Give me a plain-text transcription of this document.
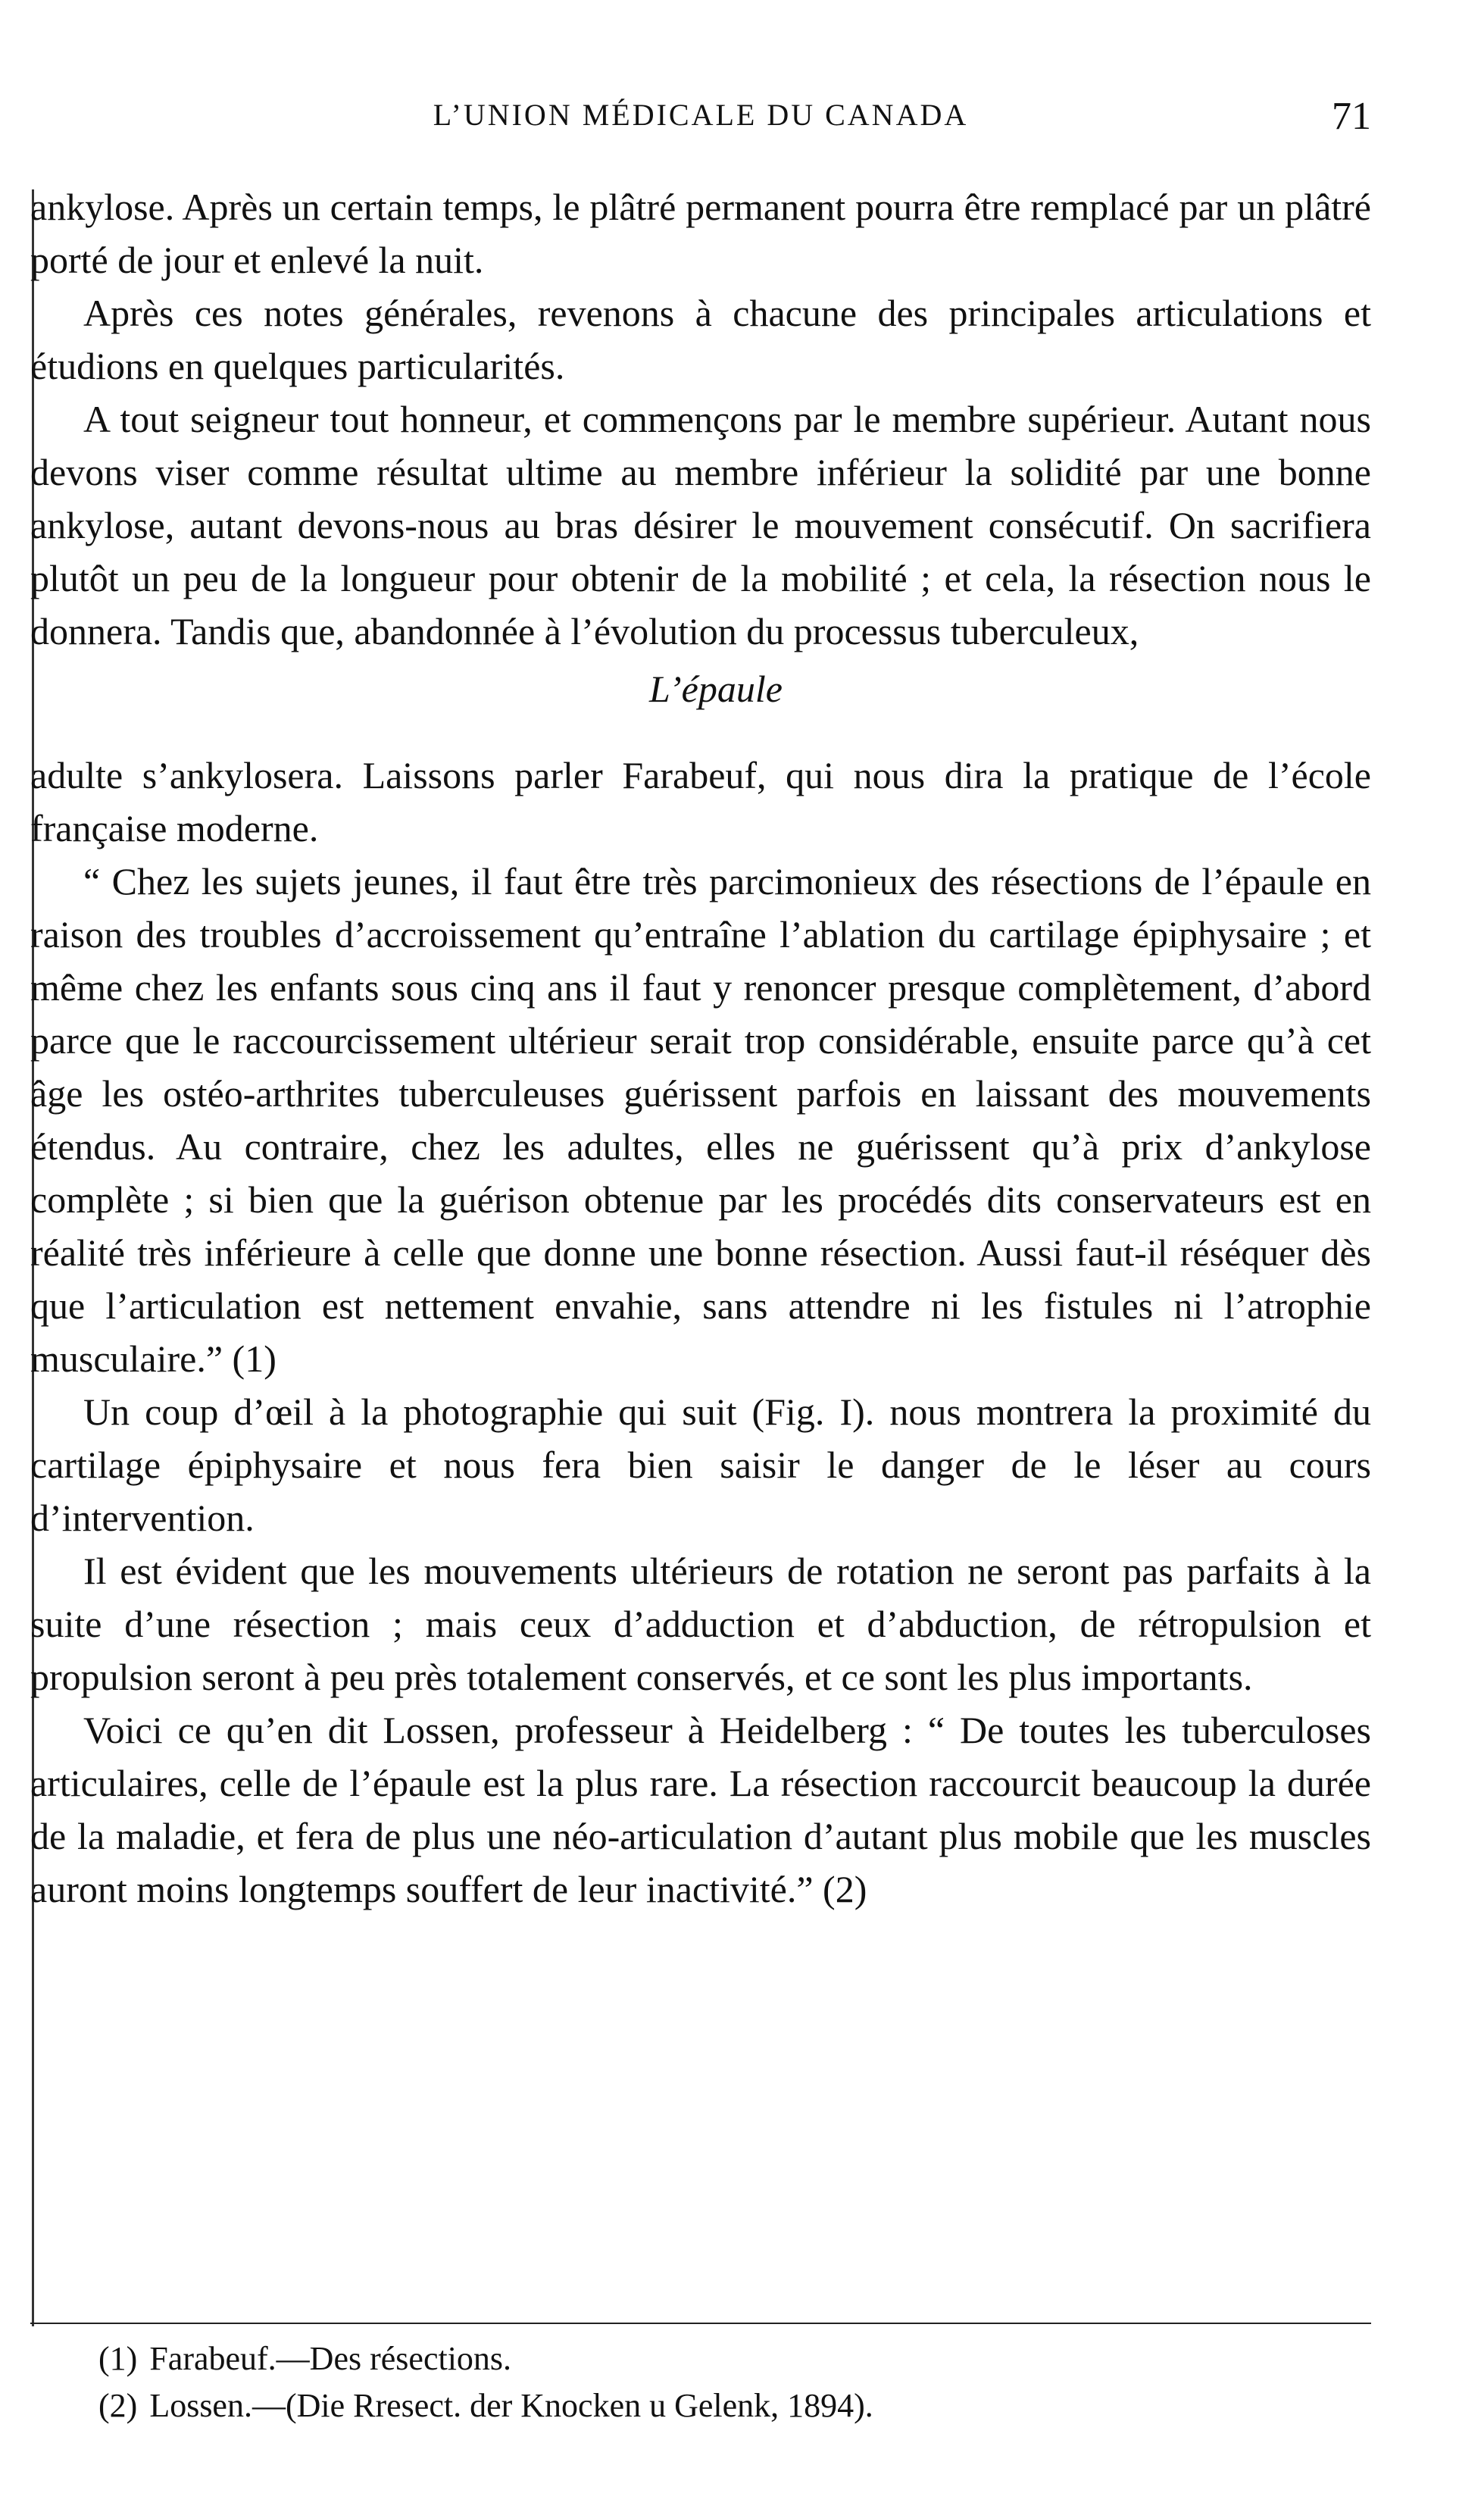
L’UNION MÉDICALE DU CANADA	71

ankylose. Après un certain temps, le plâtré permanent pourra être remplacé par un plâtré porté de jour et enlevé la nuit.

Après ces notes générales, revenons à chacune des principales articulations et étudions en quelques particularités.

A tout seigneur tout honneur, et commençons par le membre supérieur. Autant nous devons viser comme résultat ultime au membre inférieur la solidité par une bonne ankylose, autant devons-nous au bras désirer le mouvement consécutif. On sacrifiera plutôt un peu de la longueur pour obtenir de la mobilité ; et cela, la résection nous le donnera. Tandis que, abandonnée à l’évolution du processus tuberculeux,

L’épaule

adulte s’ankylosera. Laissons parler Farabeuf, qui nous dira la pratique de l’école française moderne.

“ Chez les sujets jeunes, il faut être très parcimonieux des résections de l’épaule en raison des troubles d’accroissement qu’entraîne l’ablation du cartilage épiphysaire ; et même chez les enfants sous cinq ans il faut y renoncer presque complètement, d’abord parce que le raccourcissement ultérieur serait trop considérable, ensuite parce qu’à cet âge les ostéo-arthrites tuberculeuses guérissent parfois en laissant des mouvements étendus. Au contraire, chez les adultes, elles ne guérissent qu’à prix d’ankylose complète ; si bien que la guérison obtenue par les procédés dits conservateurs est en réalité très inférieure à celle que donne une bonne résection. Aussi faut-il réséquer dès que l’articulation est nettement envahie, sans attendre ni les fistules ni l’atrophie musculaire.” (1)

Un coup d’œil à la photographie qui suit (Fig. I). nous montrera la proximité du cartilage épiphysaire et nous fera bien saisir le danger de le léser au cours d’intervention.

Il est évident que les mouvements ultérieurs de rotation ne seront pas parfaits à la suite d’une résection ; mais ceux d’adduction et d’abduction, de rétropulsion et propulsion seront à peu près totalement conservés, et ce sont les plus importants.

Voici ce qu’en dit Lossen, professeur à Heidelberg : “ De toutes les tuberculoses articulaires, celle de l’épaule est la plus rare. La résection raccourcit beaucoup la durée de la maladie, et fera de plus une néo-articulation d’autant plus mobile que les muscles auront moins longtemps souffert de leur inactivité.” (2)

(1) Farabeuf.—Des résections.
(2) Lossen.—(Die Rresect. der Knocken u Gelenk, 1894).
